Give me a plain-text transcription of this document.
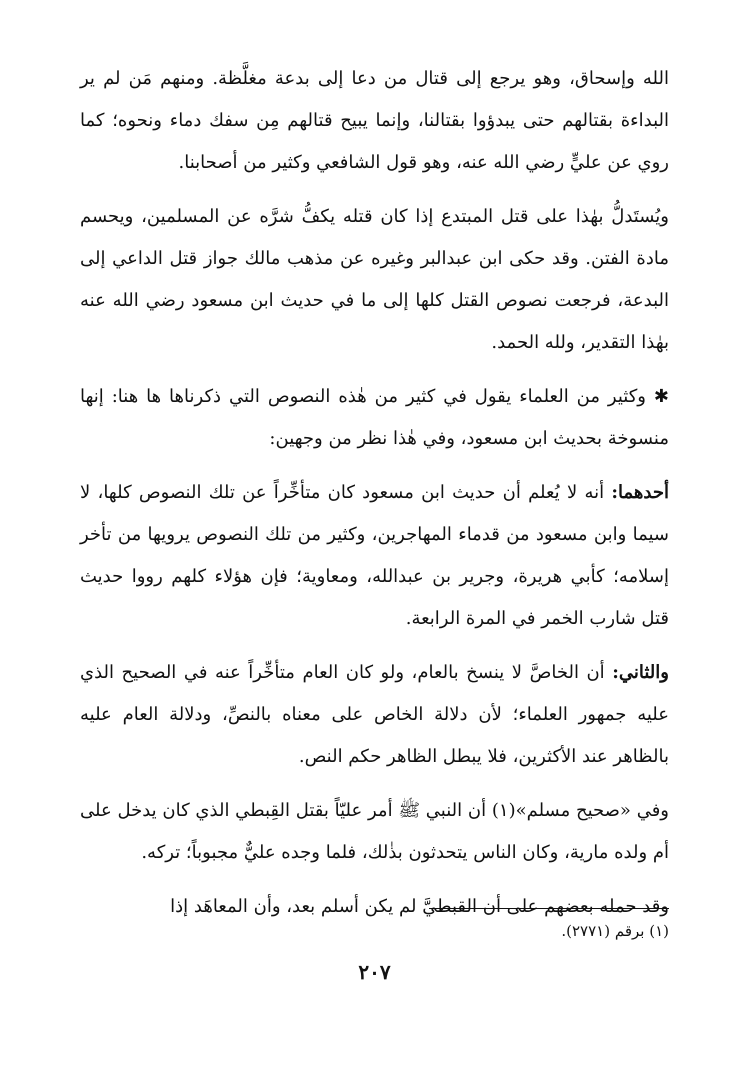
الله وإسحاق، وهو يرجع إلى قتال من دعا إلى بدعة مغلَّظة. ومنهم مَن لم ير البداءة بقتالهم حتى يبدؤوا بقتالنا، وإنما يبيح قتالهم مِن سفك دماء ونحوه؛ كما روي عن عليٍّ رضي الله عنه، وهو قول الشافعي وكثير من أصحابنا.

ويُستَدلُّ بهٰذا على قتل المبتدع إذا كان قتله يكفُّ شرَّه عن المسلمين، ويحسم مادة الفتن. وقد حكى ابن عبدالبر وغيره عن مذهب مالك جواز قتل الداعي إلى البدعة، فرجعت نصوص القتل كلها إلى ما في حديث ابن مسعود رضي الله عنه بهٰذا التقدير، ولله الحمد.

✱ وكثير من العلماء يقول في كثير من هٰذه النصوص التي ذكرناها ها هنا: إنها منسوخة بحديث ابن مسعود، وفي هٰذا نظر من وجهين:

أحدهما: أنه لا يُعلم أن حديث ابن مسعود كان متأخِّراً عن تلك النصوص كلها، لا سيما وابن مسعود من قدماء المهاجرين، وكثير من تلك النصوص يرويها من تأخر إسلامه؛ كأبي هريرة، وجرير بن عبدالله، ومعاوية؛ فإن هؤلاء كلهم رووا حديث قتل شارب الخمر في المرة الرابعة.

والثاني: أن الخاصَّ لا ينسخ بالعام، ولو كان العام متأخِّراً عنه في الصحيح الذي عليه جمهور العلماء؛ لأن دلالة الخاص على معناه بالنصِّ، ودلالة العام عليه بالظاهر عند الأكثرين، فلا يبطل الظاهر حكم النص.

وفي «صحيح مسلم»(١) أن النبي ﷺ أمر عليّاً بقتل القِبطي الذي كان يدخل على أم ولده مارية، وكان الناس يتحدثون بذٰلك، فلما وجده عليٌّ مجبوباً؛ تركه.

وقد حمله بعضهم على أن القبطيَّ لم يكن أسلم بعد، وأن المعاهَد إذا

(١) برقم (٢٧٧١).
٢٠٧
